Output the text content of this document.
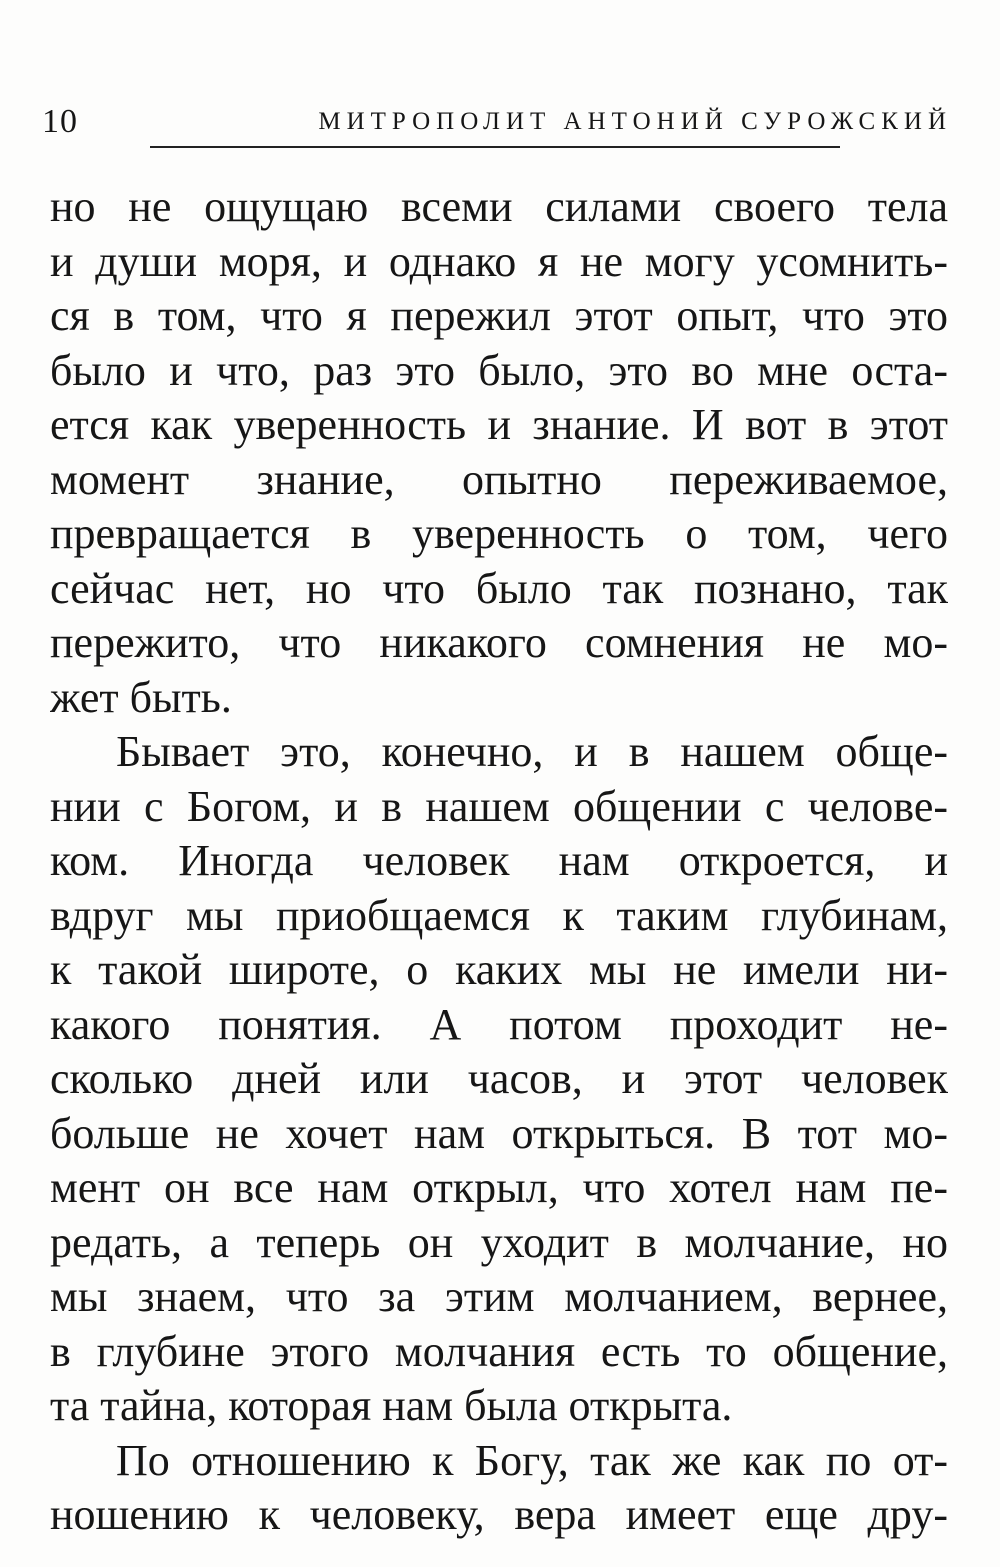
10	МИТРОПОЛИТ АНТОНИЙ СУРОЖСКИЙ
но не ощущаю всеми силами своего тела
и души моря, и однако я не могу усомнить-
ся в том, что я пережил этот опыт, что это
было и что, раз это было, это во мне оста-
ется как уверенность и знание. И вот в этот
момент знание, опытно переживаемое,
превращается в уверенность о том, чего
сейчас нет, но что было так познано, так
пережито, что никакого сомнения не мо-
жет быть.
Бывает это, конечно, и в нашем обще-
нии с Богом, и в нашем общении с челове-
ком. Иногда человек нам откроется, и
вдруг мы приобщаемся к таким глубинам,
к такой широте, о каких мы не имели ни-
какого понятия. А потом проходит не-
сколько дней или часов, и этот человек
больше не хочет нам открыться. В тот мо-
мент он все нам открыл, что хотел нам пе-
редать, а теперь он уходит в молчание, но
мы знаем, что за этим молчанием, вернее,
в глубине этого молчания есть то общение,
та тайна, которая нам была открыта.
По отношению к Богу, так же как по от-
ношению к человеку, вера имеет еще дру-
